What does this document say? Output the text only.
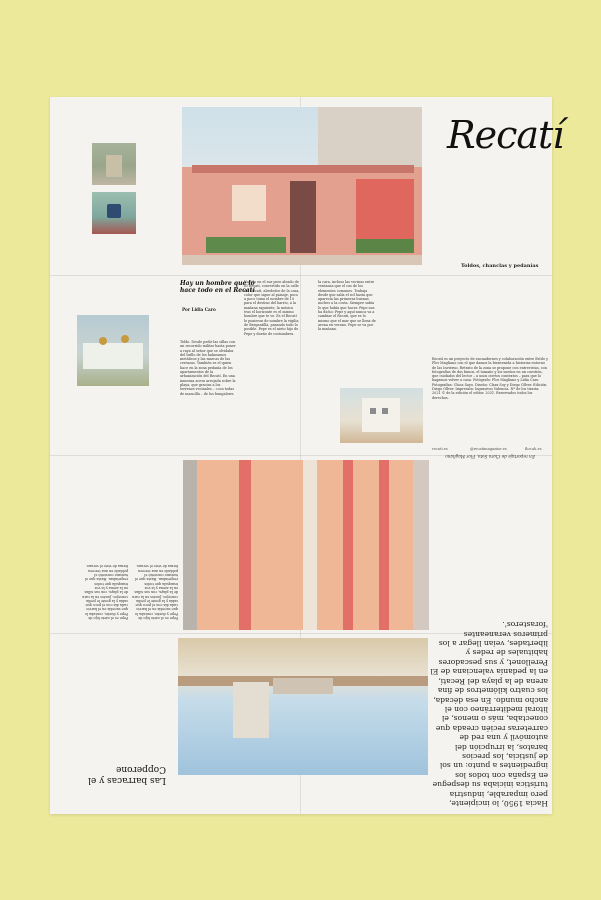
Recatí
Toldos, chanclas y pedanías
Hay un hombre que lo hace todo en el Recatí
Por Lidia Caro
Toldo. Desde pedir las sillas con un recorrido militar hasta poner a raya al señor que se olvidaba del brillo de los balneamos metálicos y las marcas de las cerrazas. También es el quien hace en la zona pedanía de los apartamentos de la urbanización del Recatí. En una inmensa acera arrojada sobre la playa, que gracias a los terrenos vecinales – «con todas de mancilla – de los bungalows.
Nacido en el sur pero aleado de El Recatí, convertido en la calle del Recatí, alrededor de la casa, color que sigue al paisaje, poco a poco toma el nombre de 10 para el destino del barrio, a la mañana siguiente, la música tras el horizonte es el mismo hombre que te ve. Es el Recatí le pusieron de nombre la vigilia de Bergantilla, pasando todo lo posible. Pepe es el nieto hijo de Pepe y dueño de costumbres.
la cara, incluso las vecinas entre ventanas que el cas de los elementos comunes. Trabaja desde que salía el sol hasta que aparecía las primeras buenas noches a la costa. Siempre sabía lo que había que hacer. Pepe nos ha dicho: Pepe y aquí nunca va a cambiar el Recatí, que es lo mismo que el mar que se llena de arena en verano. Pepe se va por la mañana.
Recatí es un proyecto de encuadernes y colaboración entre Estilo y Flor Magliano con el que damos la bienvenida a historias entorno de las Invierno. Retrato de la zona se propone con entrevistas, con fotografías de dos bimos, el tamaño y los sueños en un cuestión, que cuidados del lector – a unos ciertos contextos – para que lo hagamos volver a casa. Fotógrafo: Flor Magliano y Lidia Caro. Fotografías: Chica Sayo. Diseño: Clara Soy y Diego Ollver. Edición: Diego Ollver. Impresión: Ingrasivos Valencia. Nº de los tiraria: 2021 © de la edición el editor. 2021. Reservados todos los derechos.
recati.es	@recatimagazine.es	flor.ah.es
Pepe es el nieto hijo de Pepe y dueño, contaba lo que sucedía en el barrio cada día con el poco que sabía y la gente le pedía consejos. Juntos en la cara de la playa, con sus sillas en la arena y la voz tranquila que todos respetaban. Hasta que el turismo convirtió el poblado en una tercera forma de vivir el verano.
Pepe es el nieto hijo de Pepe y dueño, contaba lo que sucedía en el barrio cada día con el poco que sabía y la gente le pedía consejos. Juntos en la cara de la playa, con sus sillas en la arena y la voz tranquila que todos respetaban. Hasta que el turismo convirtió el poblado en una tercera forma de vivir el verano.
En reportaje de Clara Soto, Flor Magliano
Las barracas y el Copperone
Hacia 1950, lo incipiente, pero imparable, industria turística iniciaba su despegue en España con todos los ingredientes a punto: un sol de justicia, los precios baratos, la irrupción del automóvil y una red de carreteras recién creada que conectaba, más o menos, el litoral mediterráneo con el ancho mundo. En esa década, los cuatro kilómetros de fina arena de la playa del Recatí, en la pedanía valenciana de El Perellonet, y sus pescadores habituales de redes y libertades, veían llegar a los primeros veraneantes 'forasteros'.
